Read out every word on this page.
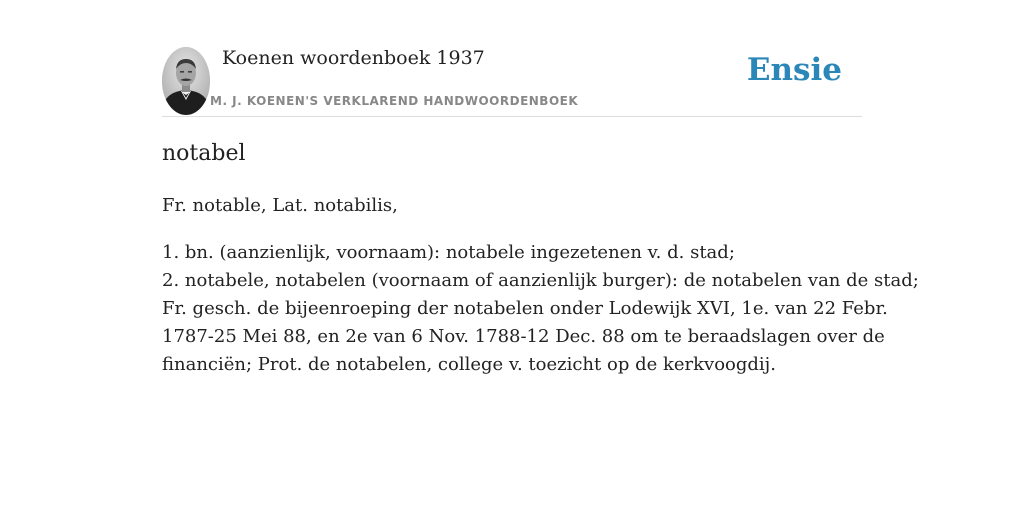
Koenen woordenboek 1937
M. J. KOENEN'S VERKLAREND HANDWOORDENBOEK
Ensie
notabel

Fr. notable, Lat. notabilis,

1. bn. (aanzienlijk, voornaam): notabele ingezetenen v. d. stad;
2. notabele, notabelen (voornaam of aanzienlijk burger): de notabelen van de stad;
Fr. gesch. de bijeenroeping der notabelen onder Lodewijk XVI, 1e. van 22 Febr.
1787-25 Mei 88, en 2e van 6 Nov. 1788-12 Dec. 88 om te beraadslagen over de
financiën; Prot. de notabelen, college v. toezicht op de kerkvoogdij.
